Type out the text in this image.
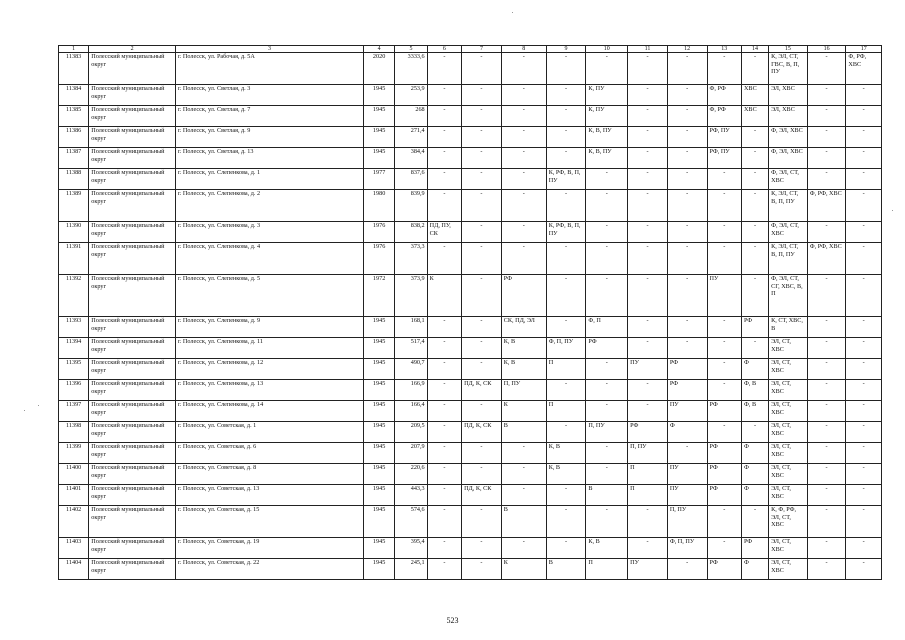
1	2	3	4	5	6	7	8	9	10	11	12	13	14	15	16	17
11383	Полесский муниципальный округ	г. Полесск, ул. Рабочая, д. 5А	2020	3333,6	-	-	-	-	-	-	-	-	-	К, ЭЛ, СТ, ГВС, В, П, ПУ	-	Ф, РФ, ХВС
11384	Полесский муниципальный округ	г. Полесск, ул. Светлая, д. 3	1945	253,9	-	-	-	-	К, ПУ	-	-	Ф, РФ	ХВС	ЭЛ, ХВС	-	-
11385	Полесский муниципальный округ	г. Полесск, ул. Светлая, д. 7	1945	268	-	-	-	-	К, ПУ	-	-	Ф, РФ	ХВС	ЭЛ, ХВС	-	-
11386	Полесский муниципальный округ	г. Полесск, ул. Светлая, д. 9	1945	271,4	-	-	-	-	К, В, ПУ	-	-	РФ, ПУ	-	Ф, ЭЛ, ХВС	-	-
11387	Полесский муниципальный округ	г. Полесск, ул. Светлая, д. 13	1945	384,4	-	-	-	-	К, В, ПУ	-	-	РФ, ПУ	-	Ф, ЭЛ, ХВС	-	-
11388	Полесский муниципальный округ	г. Полесск, ул. Слепенкова, д. 1	1977	837,6	-	-	-	К, РФ, В, П, ПУ	-	-	-	-	-	Ф, ЭЛ, СТ, ХВС	-	-
11389	Полесский муниципальный округ	г. Полесск, ул. Слепенкова, д. 2	1980	839,9	-	-	-	-	-	-	-	-	-	К, ЭЛ, СТ, В, П, ПУ	Ф, РФ, ХВС	-
11390	Полесский муниципальный округ	г. Полесск, ул. Слепенкова, д. 3	1976	838,2	ПД, ПУ, СК	-	-	К, РФ, В, П, ПУ	-	-	-	-	-	Ф, ЭЛ, СТ, ХВС	-	-
11391	Полесский муниципальный округ	г. Полесск, ул. Слепенкова, д. 4	1976	373,3	-	-	-	-	-	-	-	-	-	К, ЭЛ, СТ, В, П, ПУ	Ф, РФ, ХВС	-
11392	Полесский муниципальный округ	г. Полесск, ул. Слепенкова, д. 5	1972	373,9	К	-	РФ	-	-	-	-	ПУ	-	Ф, ЭЛ, СТ, СГ, ХВС, В, П	-	-
11393	Полесский муниципальный округ	г. Полесск, ул. Слепенкова, д. 9	1945	168,1	-	-	СК, ПД, ЭЛ	-	Ф, П	-	-	-	РФ	К, СТ, ХВС, В	-	-
11394	Полесский муниципальный округ	г. Полесск, ул. Слепенкова, д. 11	1945	517,4	-	-	К, В	Ф, П, ПУ	РФ	-	-	-	-	ЭЛ, СТ, ХВС	-	-
11395	Полесский муниципальный округ	г. Полесск, ул. Слепенкова, д. 12	1945	490,7	-	-	К, В	П	-	ПУ	РФ	-	Ф	ЭЛ, СТ, ХВС	-	-
11396	Полесский муниципальный округ	г. Полесск, ул. Слепенкова, д. 13	1945	166,9	-	ПД, К, СК	П, ПУ	-	-	-	РФ	-	Ф, В	ЭЛ, СТ, ХВС	-	-
11397	Полесский муниципальный округ	г. Полесск, ул. Слепенкова, д. 14	1945	166,4	-	-	К	П	-	-	ПУ	РФ	Ф, В	ЭЛ, СТ, ХВС	-	-
11398	Полесский муниципальный округ	г. Полесск, ул. Советская, д. 1	1945	209,5	-	ПД, К, СК	В	-	П, ПУ	РФ	Ф	-	-	ЭЛ, СТ, ХВС	-	-
11399	Полесский муниципальный округ	г. Полесск, ул. Советская, д. 6	1945	207,9	-	-	-	К, В	-	П, ПУ	-	РФ	Ф	ЭЛ, СТ, ХВС	-	-
11400	Полесский муниципальный округ	г. Полесск, ул. Советская, д. 8	1945	220,6	-	-	-	К, В	-	П	ПУ	РФ	Ф	ЭЛ, СТ, ХВС	-	-
11401	Полесский муниципальный округ	г. Полесск, ул. Советская, д. 13	1945	443,3	-	ПД, К, СК	-	-	В	П	ПУ	РФ	Ф	ЭЛ, СТ, ХВС	-	-
11402	Полесский муниципальный округ	г. Полесск, ул. Советская, д. 15	1945	574,6	-	-	В	-	-	-	П, ПУ	-	-	К, Ф, РФ, ЭЛ, СТ, ХВС	-	-
11403	Полесский муниципальный округ	г. Полесск, ул. Советская, д. 19	1945	395,4	-	-	-	-	К, В	-	Ф, П, ПУ	-	РФ	ЭЛ, СТ, ХВС	-	-
11404	Полесский муниципальный округ	г. Полесск, ул. Советская, д. 22	1945	245,1	-	-	К	В	П	ПУ	-	РФ	Ф	ЭЛ, СТ, ХВС	-	-
523
